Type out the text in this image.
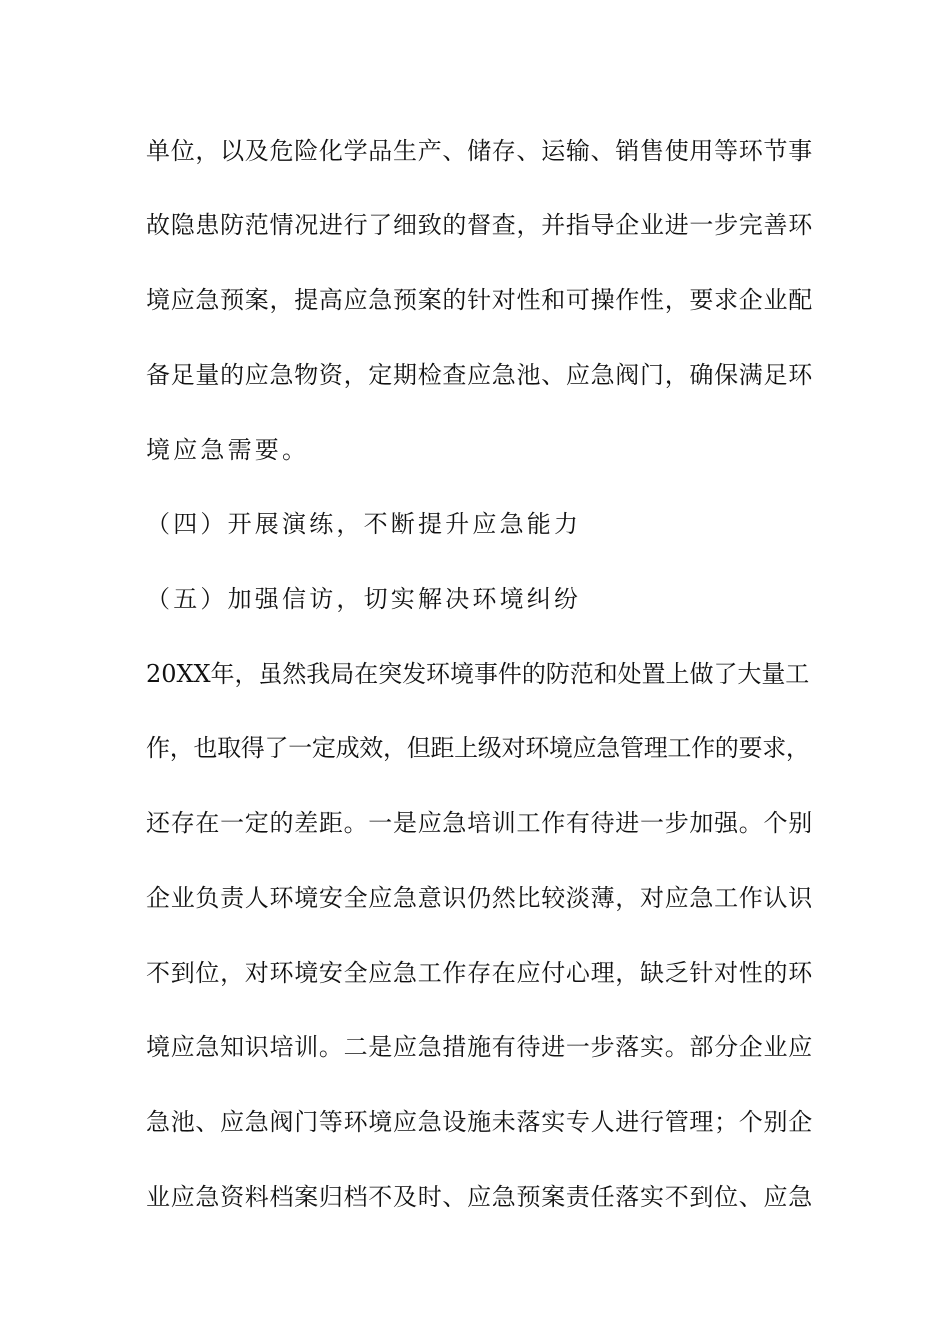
单位，以及危险化学品生产、储存、运输、销售使用等环节事
故隐患防范情况进行了细致的督查，并指导企业进一步完善环
境应急预案，提高应急预案的针对性和可操作性，要求企业配
备足量的应急物资，定期检查应急池、应急阀门，确保满足环
境应急需要。
（四）开展演练，不断提升应急能力
（五）加强信访，切实解决环境纠纷
20XX年，虽然我局在突发环境事件的防范和处置上做了大量工
作，也取得了一定成效，但距上级对环境应急管理工作的要求，
还存在一定的差距。一是应急培训工作有待进一步加强。个别
企业负责人环境安全应急意识仍然比较淡薄，对应急工作认识
不到位，对环境安全应急工作存在应付心理，缺乏针对性的环
境应急知识培训。二是应急措施有待进一步落实。部分企业应
急池、应急阀门等环境应急设施未落实专人进行管理；个别企
业应急资料档案归档不及时、应急预案责任落实不到位、应急
